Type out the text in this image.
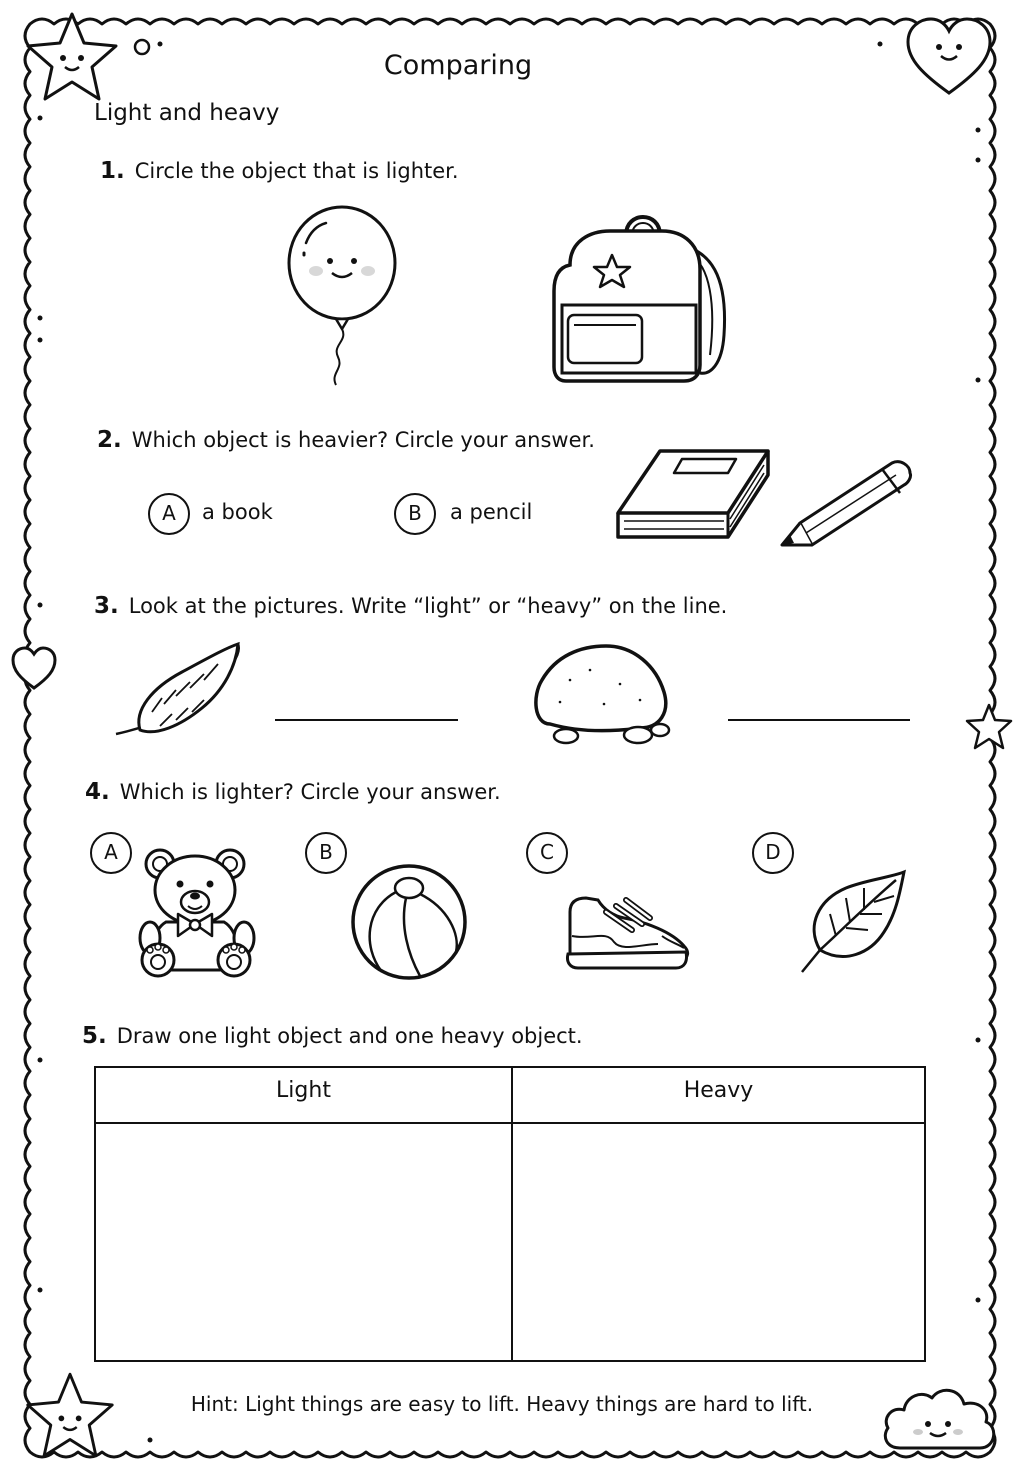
Comparing
Light and heavy
1. Circle the object that is lighter.
2. Which object is heavier? Circle your answer.
A	a book	B	a pencil
3. Look at the pictures. Write “light” or “heavy” on the line.
4. Which is lighter? Circle your answer.
A	B	C	D
5. Draw one light object and one heavy object.
Light	Heavy
Hint: Light things are easy to lift. Heavy things are hard to lift.
